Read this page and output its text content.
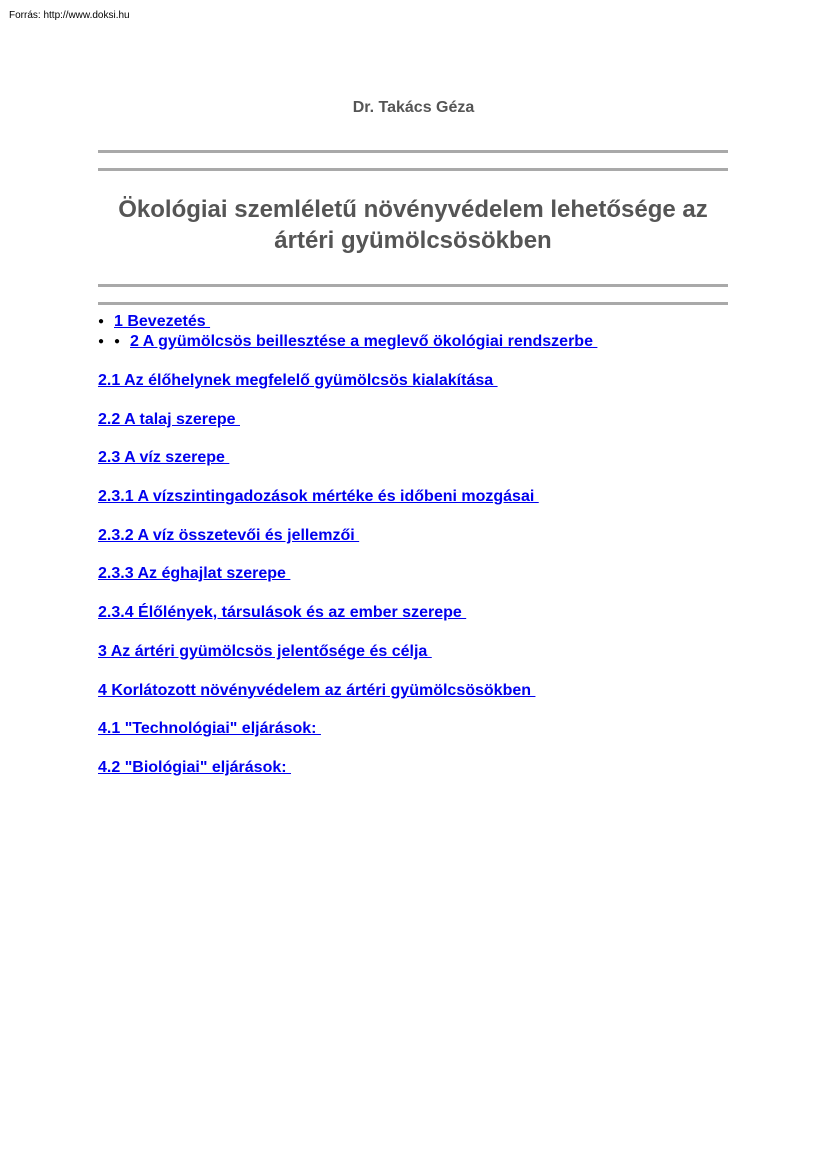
Forrás: http://www.doksi.hu
Dr. Takács Géza
Ökológiai szemléletű növényvédelem lehetősége az ártéri gyümölcsösökben
● 1 Bevezetés
● ● 2 A gyümölcsös beillesztése a meglevő ökológiai rendszerbe

2.1 Az élőhelynek megfelelő gyümölcsös kialakítása

2.2 A talaj szerepe

2.3 A víz szerepe

2.3.1 A vízszintingadozások mértéke és időbeni mozgásai

2.3.2 A víz összetevői és jellemzői

2.3.3 Az éghajlat szerepe

2.3.4 Élőlények, társulások és az ember szerepe

3 Az ártéri gyümölcsös jelentősége és célja

4 Korlátozott növényvédelem az ártéri gyümölcsösökben

4.1 "Technológiai" eljárások:

4.2 "Biológiai" eljárások:
